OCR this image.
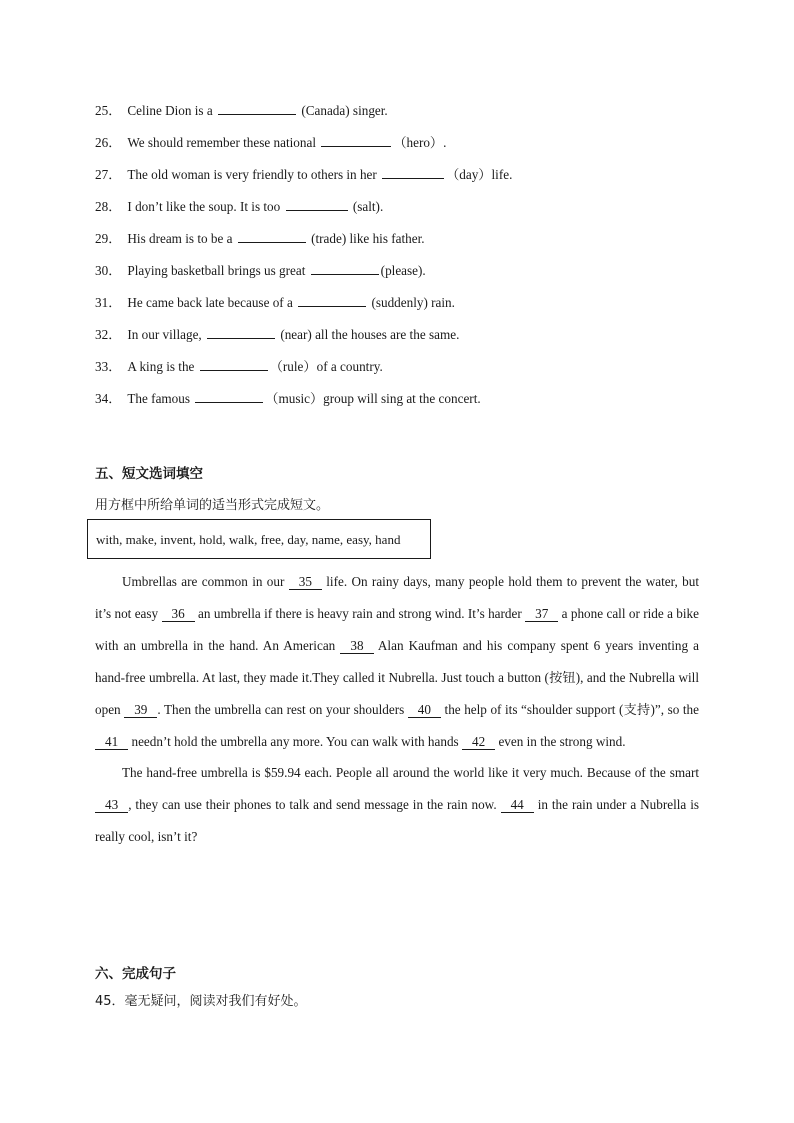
25． Celine Dion is a	(Canada) singer.
26． We should remember these national	（hero）.
27． The old woman is very friendly to others in her	（day）life.
28． I don’t like the soup. It is too	(salt).
29． His dream is to be a	(trade) like his father.
30． Playing basketball brings us great	(please).
31． He came back late because of a	(suddenly) rain.
32． In our village,	(near) all the houses are the same.
33． A king is the	（rule）of a country.
34． The famous	（music）group will sing at the concert.
五、短文选词填空
用方框中所给单词的适当形式完成短文。
with, make, invent, hold, walk, free, day, name, easy, hand

Umbrellas are common in our 35 life. On rainy days, many people hold them to prevent the water, but it’s not easy 36 an umbrella if there is heavy rain and strong wind. It’s harder 37 a phone call or ride a bike with an umbrella in the hand. An American 38 Alan Kaufman and his company spent 6 years inventing a hand-free umbrella. At last, they made it.They called it Nubrella. Just touch a button (按钮), and the Nubrella will open 39 . Then the umbrella can rest on your shoulders 40 the help of its “shoulder support (支持)”, so the 41 needn’t hold the umbrella any more. You can walk with hands 42 even in the strong wind.

The hand-free umbrella is $59.94 each. People all around the world like it very much. Because of the smart 43 , they can use their phones to talk and send message in the rain now. 44 in the rain under a Nubrella is really cool, isn’t it?

六、完成句子
45．毫无疑问，阅读对我们有好处。
